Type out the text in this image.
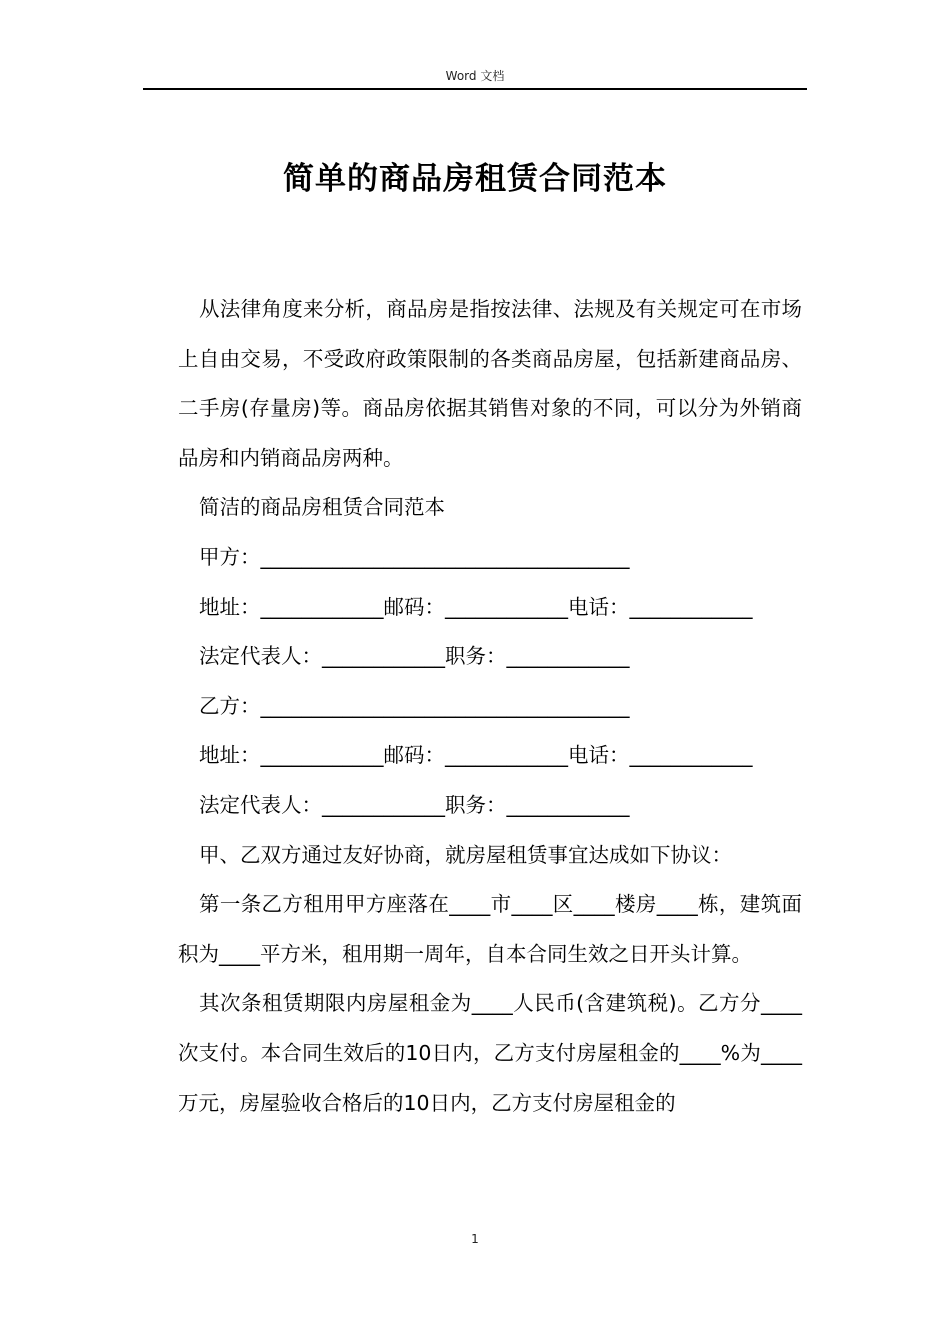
Word 文档
简单的商品房租赁合同范本

从法律角度来分析，商品房是指按法律、法规及有关规定可在市场上自由交易，不受政府政策限制的各类商品房屋，包括新建商品房、二手房(存量房)等。商品房依据其销售对象的不同，可以分为外销商品房和内销商品房两种。

简洁的商品房租赁合同范本

甲方：____________________________________

地址：____________邮码：____________电话：____________

法定代表人：____________职务：____________

乙方：____________________________________

地址：____________邮码：____________电话：____________

法定代表人：____________职务：____________

甲、乙双方通过友好协商，就房屋租赁事宜达成如下协议：

第一条乙方租用甲方座落在____市____区____楼房____栋，建筑面积为____平方米，租用期一周年，自本合同生效之日开头计算。

其次条租赁期限内房屋租金为____人民币(含建筑税)。乙方分____次支付。本合同生效后的10日内，乙方支付房屋租金的____%为____万元，房屋验收合格后的10日内，乙方支付房屋租金的

1
